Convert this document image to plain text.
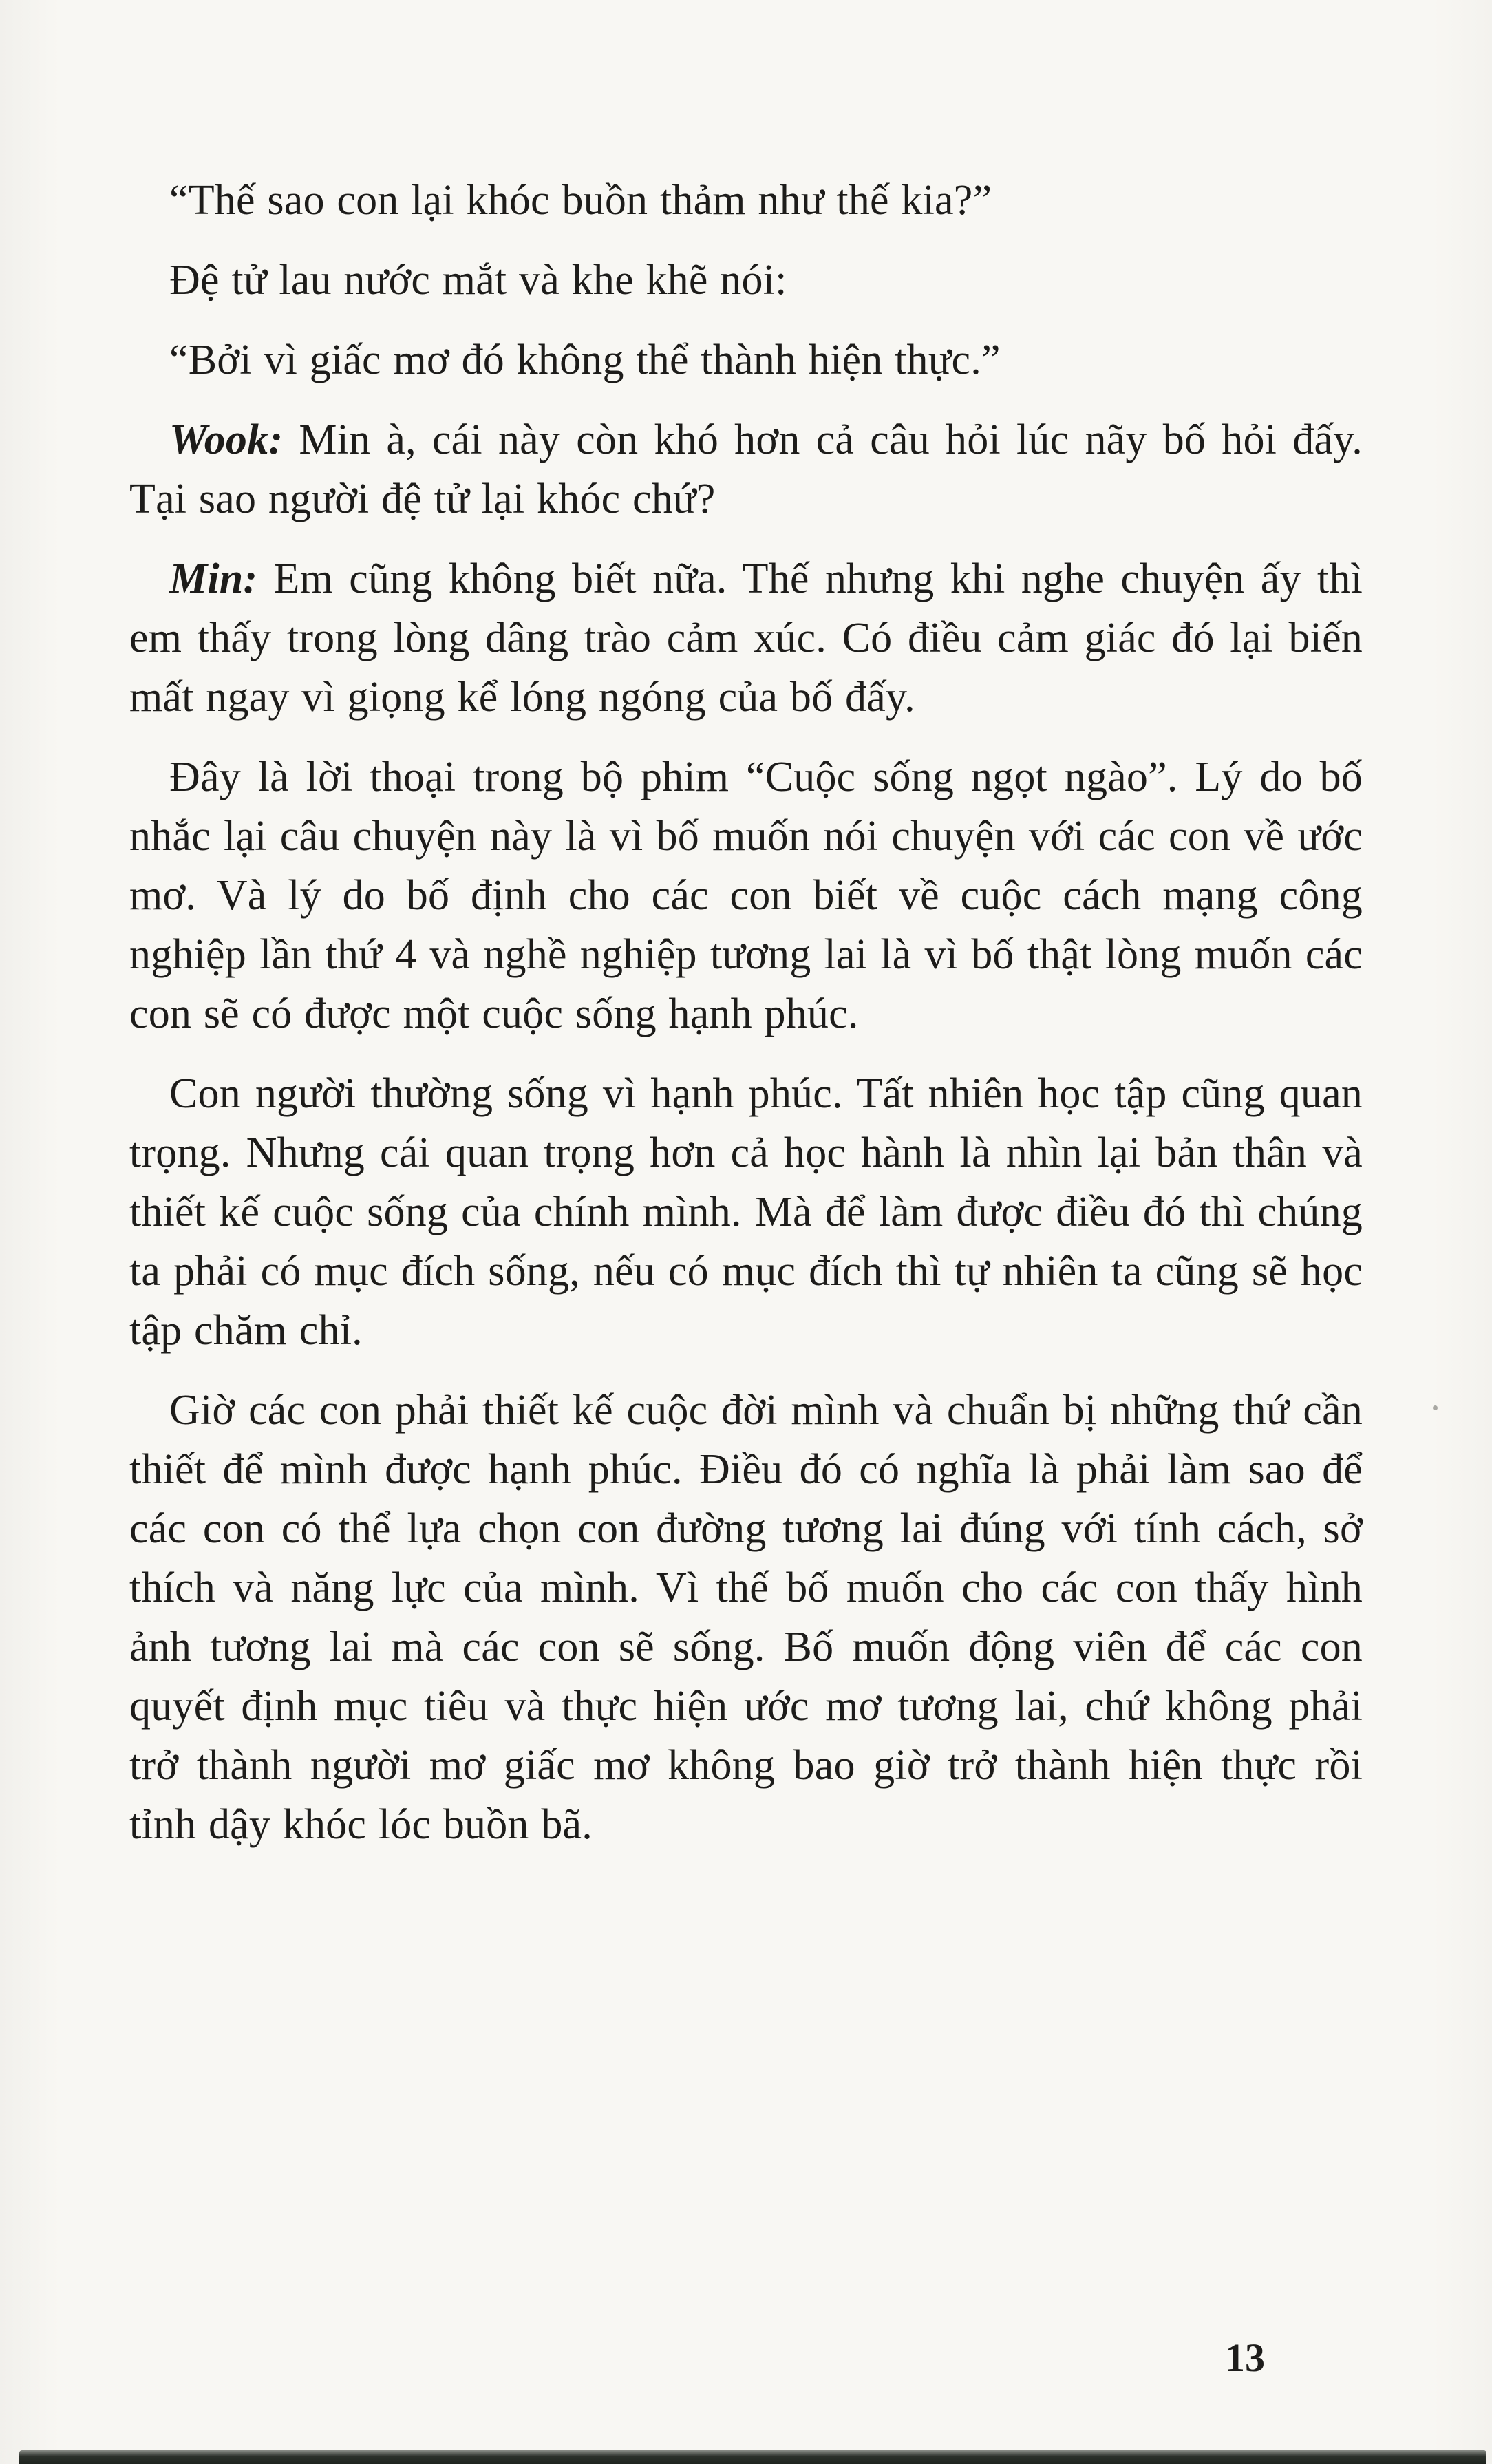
“Thế sao con lại khóc buồn thảm như thế kia?”

Đệ tử lau nước mắt và khe khẽ nói:

“Bởi vì giấc mơ đó không thể thành hiện thực.”

Wook: Min à, cái này còn khó hơn cả câu hỏi lúc nãy bố hỏi đấy. Tại sao người đệ tử lại khóc chứ?

Min: Em cũng không biết nữa. Thế nhưng khi nghe chuyện ấy thì em thấy trong lòng dâng trào cảm xúc. Có điều cảm giác đó lại biến mất ngay vì giọng kể lóng ngóng của bố đấy.

Đây là lời thoại trong bộ phim “Cuộc sống ngọt ngào”. Lý do bố nhắc lại câu chuyện này là vì bố muốn nói chuyện với các con về ước mơ. Và lý do bố định cho các con biết về cuộc cách mạng công nghiệp lần thứ 4 và nghề nghiệp tương lai là vì bố thật lòng muốn các con sẽ có được một cuộc sống hạnh phúc.

Con người thường sống vì hạnh phúc. Tất nhiên học tập cũng quan trọng. Nhưng cái quan trọng hơn cả học hành là nhìn lại bản thân và thiết kế cuộc sống của chính mình. Mà để làm được điều đó thì chúng ta phải có mục đích sống, nếu có mục đích thì tự nhiên ta cũng sẽ học tập chăm chỉ.

Giờ các con phải thiết kế cuộc đời mình và chuẩn bị những thứ cần thiết để mình được hạnh phúc. Điều đó có nghĩa là phải làm sao để các con có thể lựa chọn con đường tương lai đúng với tính cách, sở thích và năng lực của mình. Vì thế bố muốn cho các con thấy hình ảnh tương lai mà các con sẽ sống. Bố muốn động viên để các con quyết định mục tiêu và thực hiện ước mơ tương lai, chứ không phải trở thành người mơ giấc mơ không bao giờ trở thành hiện thực rồi tỉnh dậy khóc lóc buồn bã.

13
